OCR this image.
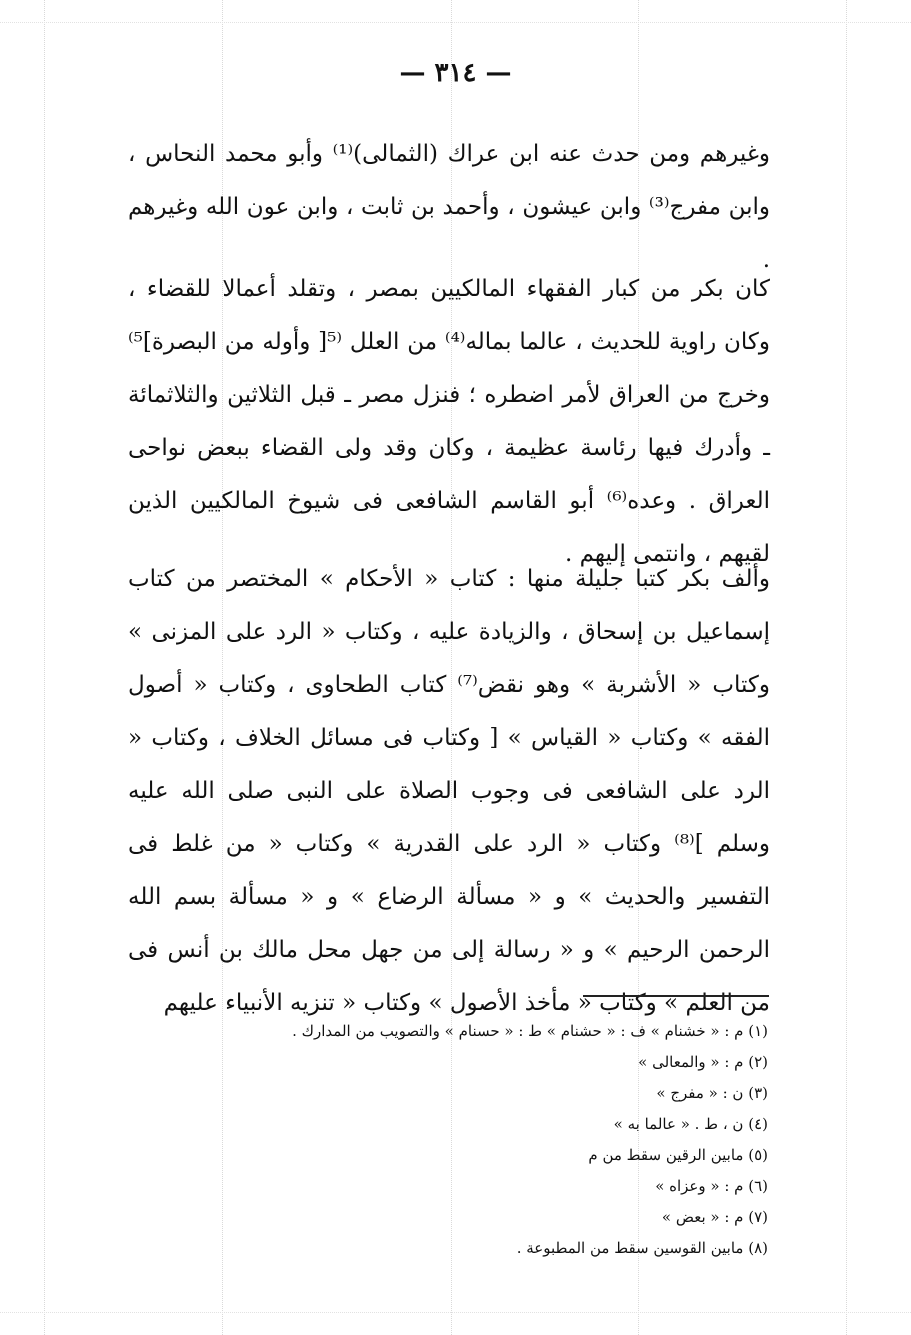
— ٣١٤ —

وغيرهم ومن حدث عنه ابن عراك (الثمالى)⁽¹⁾ وأبو محمد النحاس ، وابن مفرج⁽³⁾ وابن عيشون ، وأحمد بن ثابت ، وابن عون الله وغيرهم .

كان بكر من كبار الفقهاء المالكيين بمصر ، وتقلد أعمالا للقضاء ، وكان راوية للحديث ، عالما بماله⁽⁴⁾ من العلل ⁽⁵[ وأوله من البصرة]⁵⁾ وخرج من العراق لأمر اضطره ؛ فنزل مصر ـ قبل الثلاثين والثلاثمائة ـ وأدرك فيها رئاسة عظيمة ، وكان وقد ولى القضاء ببعض نواحى العراق . وعده⁽⁶⁾ أبو القاسم الشافعى فى شيوخ المالكيين الذين لقيهم ، وانتمى إليهم .

وألف بكر كتبا جليلة منها : كتاب « الأحكام » المختصر من كتاب إسماعيل بن إسحاق ، والزيادة عليه ، وكتاب « الرد على المزنى » وكتاب « الأشربة » وهو نقض⁽⁷⁾ كتاب الطحاوى ، وكتاب « أصول الفقه » وكتاب « القياس » [ وكتاب فى مسائل الخلاف ، وكتاب « الرد على الشافعى فى وجوب الصلاة على النبى صلى الله عليه وسلم ]⁽⁸⁾ وكتاب « الرد على القدرية » وكتاب « من غلط فى التفسير والحديث » و « مسألة الرضاع » و « مسألة بسم الله الرحمن الرحيم » و « رسالة إلى من جهل محل مالك بن أنس فى من العلم » وكتاب « مأخذ الأصول » وكتاب « تنزيه الأنبياء عليهم

(١) م : « خشنام » ف : « حشنام » ط : « حسنام » والتصويب من المدارك .
(٢) م : « والمعالى »
(٣) ن : « مفرج »
(٤) ن ، ط . « عالما به »
(٥) مابين الرقين سقط من م
(٦) م : « وعزاه »
(٧) م : « بعض »
(٨) مابين القوسين سقط من المطبوعة .
